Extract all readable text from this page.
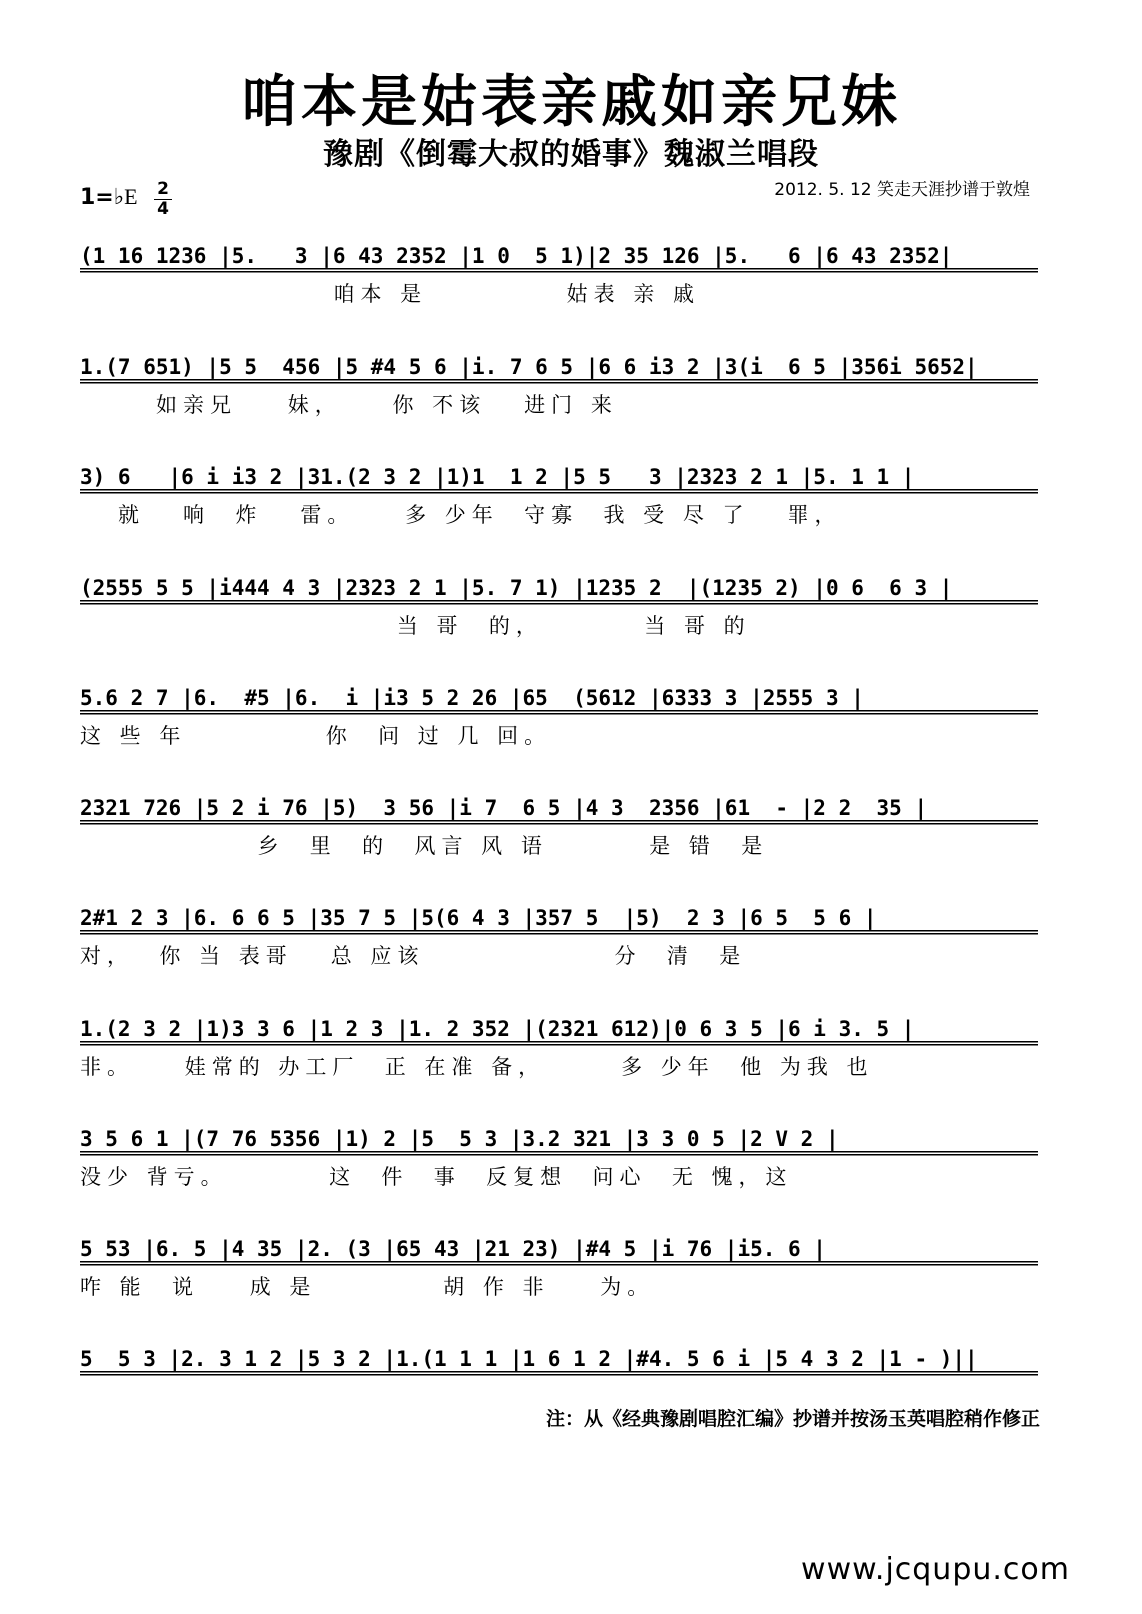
咱本是姑表亲戚如亲兄妹
豫剧《倒霉大叔的婚事》魏淑兰唱段
1=♭E $\frac{2}{4}$	2012. 5. 12 笑走天涯抄谱于敦煌
(1 16 1236 |5.   3 |6 43 2352 |1 0  5 1)|2 35 126 |5.   6 |6 43 2352|
咱本 是           姑表 亲 戚
1.(7 651) |5 5  456 |5 #4 5 6 |i. 7 6 5 |6 6 i3 2 |3(i  6 5 |356i 5652|
如亲兄    妹，    你 不该   进门 来
3) 6   |6 i i3 2 |31.(2 3 2 |1)1  1 2 |5 5   3 |2323 2 1 |5. 1 1 |
就   响  炸   雷。    多 少年  守寡  我 受 尽 了   罪，
(2555 5 5 |i444 4 3 |2323 2 1 |5. 7 1) |1235 2  |(1235 2) |0 6  6 3 |
当 哥  的，        当 哥 的
5.6 2 7 |6.  #5 |6.  i |i3 5 2 26 |65  (5612 |6333 3 |2555 3 |
这 些 年           你  问 过 几 回。
2321 726 |5 2 i 76 |5)  3 56 |i 7  6 5 |4 3  2356 |61  - |2 2  35 |
乡  里  的  风言 风 语        是 错  是
2#1 2 3 |6. 6 6 5 |35 7 5 |5(6 4 3 |357 5  |5)  2 3 |6 5  5 6 |
对，  你 当 表哥   总 应该               分  清  是
1.(2 3 2 |1)3 3 6 |1 2 3 |1. 2 352 |(2321 612)|0 6 3 5 |6 i 3. 5 |
非。    娃常的 办工厂  正 在准 备，      多 少年  他 为我 也
3 5 6 1 |(7 76 5356 |1) 2 |5  5 3 |3.2 321 |3 3 0 5 |2 V 2 |
没少 背亏。        这  件  事  反复想  问心  无 愧，这
5 53 |6. 5 |4 35 |2. (3 |65 43 |21 23) |#4 5 |i 76 |i5. 6 |
咋 能  说    成 是          胡 作 非    为。
5  5 3 |2. 3 1 2 |5 3 2 |1.(1 1 1 |1 6 1 2 |#4. 5 6 i |5 4 3 2 |1 - )||
注：从《经典豫剧唱腔汇编》抄谱并按汤玉英唱腔稍作修正
www.jcqupu.com
